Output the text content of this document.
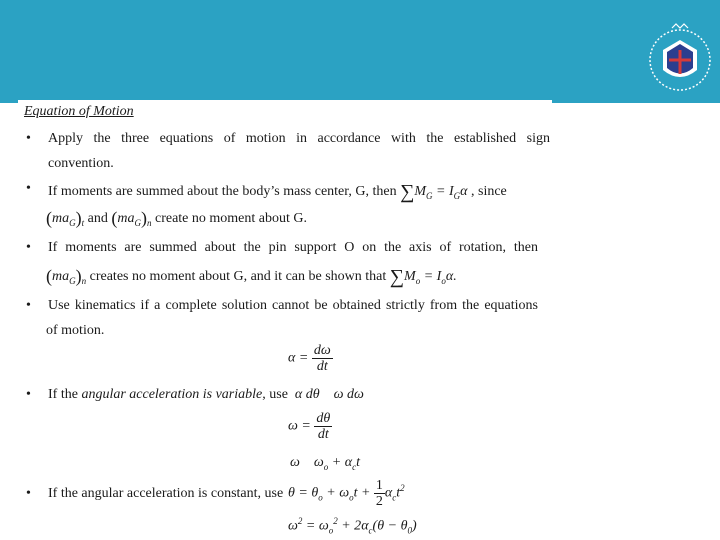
Equation of Motion
• Apply the three equations of motion in accordance with the established sign
convention.
• If moments are summed about the body’s mass center, G, then $\sum M_G = I_G\alpha$ , since
$(ma_G)_t$ and $(ma_G)_n$ create no moment about G.
• If moments are summed about the pin support O on the axis of rotation, then
$(ma_G)_n$ creates no moment about G, and it can be shown that $\sum M_o = I_o\alpha$.
• Use kinematics if a complete solution cannot be obtained strictly from the equations
of motion.
$\alpha = \frac{d\omega}{dt}$
• If the angular acceleration is variable, use α dθ ω dω
$\omega = \frac{d\theta}{dt}$
ω $\omega_o + \alpha_ct$
• If the angular acceleration is constant, use $\theta = \theta_o + \omega_ot + \frac{1}{2} \alpha_ct^2$
$\omega^2 = \omega_o^2 + 2\alpha_c(\theta - \theta_0)$
